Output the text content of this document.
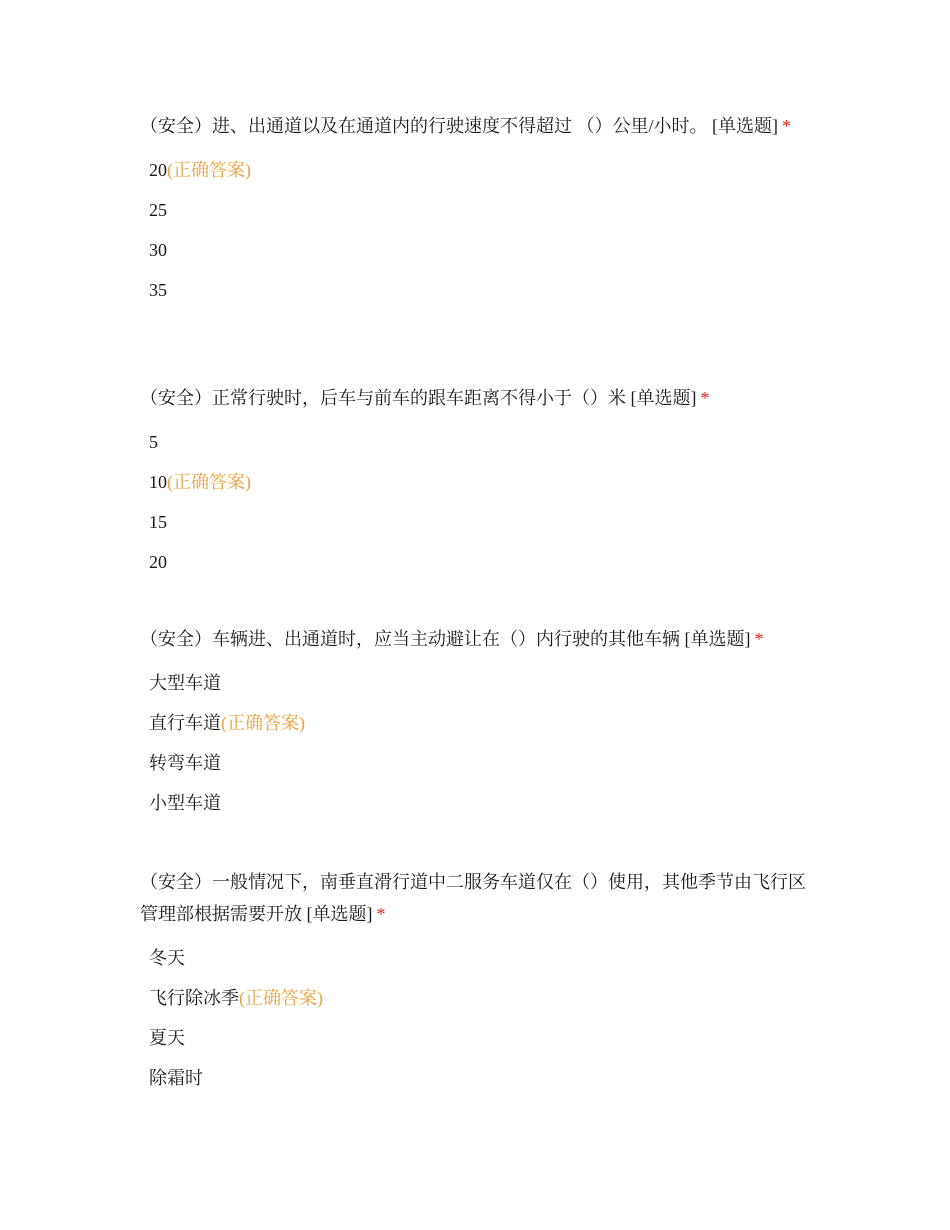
（安全）进、出通道以及在通道内的行驶速度不得超过 （）公里/小时。 [单选题] *

20(正确答案)
25
30
35

（安全）正常行驶时，后车与前车的跟车距离不得小于（）米 [单选题] *

5
10(正确答案)
15
20

（安全）车辆进、出通道时，应当主动避让在（）内行驶的其他车辆 [单选题] *

大型车道
直行车道(正确答案)
转弯车道
小型车道

（安全）一般情况下，南垂直滑行道中二服务车道仅在（）使用，其他季节由飞行区管理部根据需要开放 [单选题] *

冬天
飞行除冰季(正确答案)
夏天
除霜时
